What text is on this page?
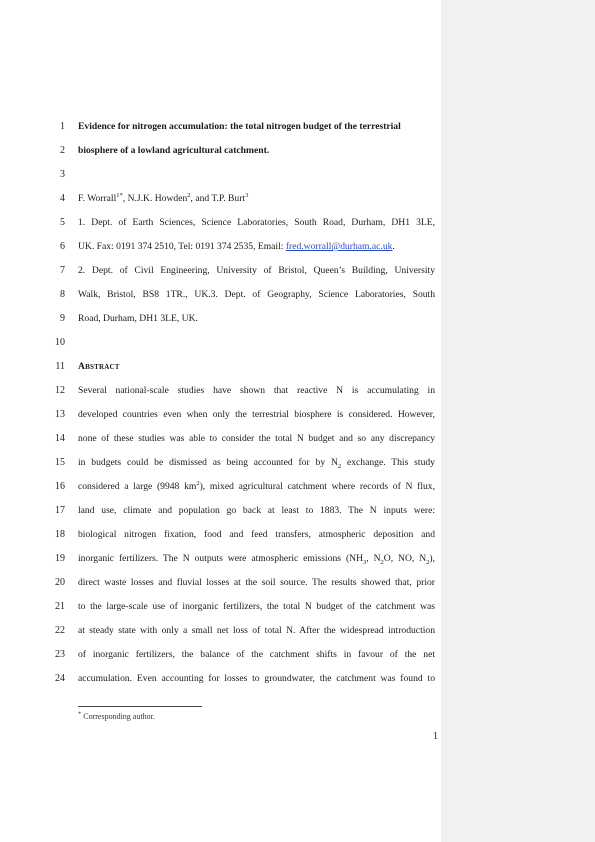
1
2
3
4
5
6
7
8
9
10
11
12
13
14
15
16
17
18
19
20
21
22
23
24
Evidence for nitrogen accumulation: the total nitrogen budget of the terrestrial
biosphere of a lowland agricultural catchment.
F. Worrall$^{1*}$, N.J.K. Howden$^2$, and T.P. Burt$^3$
1. Dept. of Earth Sciences, Science Laboratories, South Road, Durham, DH1 3LE,
UK. Fax: 0191 374 2510, Tel: 0191 374 2535, Email: fred.worrall@durham.ac.uk.
2. Dept. of Civil Engineering, University of Bristol, Queen’s Building, University
Walk, Bristol, BS8 1TR., UK.3. Dept. of Geography, Science Laboratories, South
Road, Durham, DH1 3LE, UK.
Abstract
Several national-scale studies have shown that reactive N is accumulating in
developed countries even when only the terrestrial biosphere is considered. However,
none of these studies was able to consider the total N budget and so any discrepancy
in budgets could be dismissed as being accounted for by $N_2$ exchange. This study
considered a large (9948 $km^2$), mixed agricultural catchment where records of N flux,
land use, climate and population go back at least to 1883. The N inputs were:
biological nitrogen fixation, food and feed transfers, atmospheric deposition and
inorganic fertilizers. The N outputs were atmospheric emissions ($NH_3$, $N_2O$, NO, $N_2$),
direct waste losses and fluvial losses at the soil source. The results showed that, prior
to the large-scale use of inorganic fertilizers, the total N budget of the catchment was
at steady state with only a small net loss of total N. After the widespread introduction
of inorganic fertilizers, the balance of the catchment shifts in favour of the net
accumulation. Even accounting for losses to groundwater, the catchment was found to
* Corresponding author.
1
